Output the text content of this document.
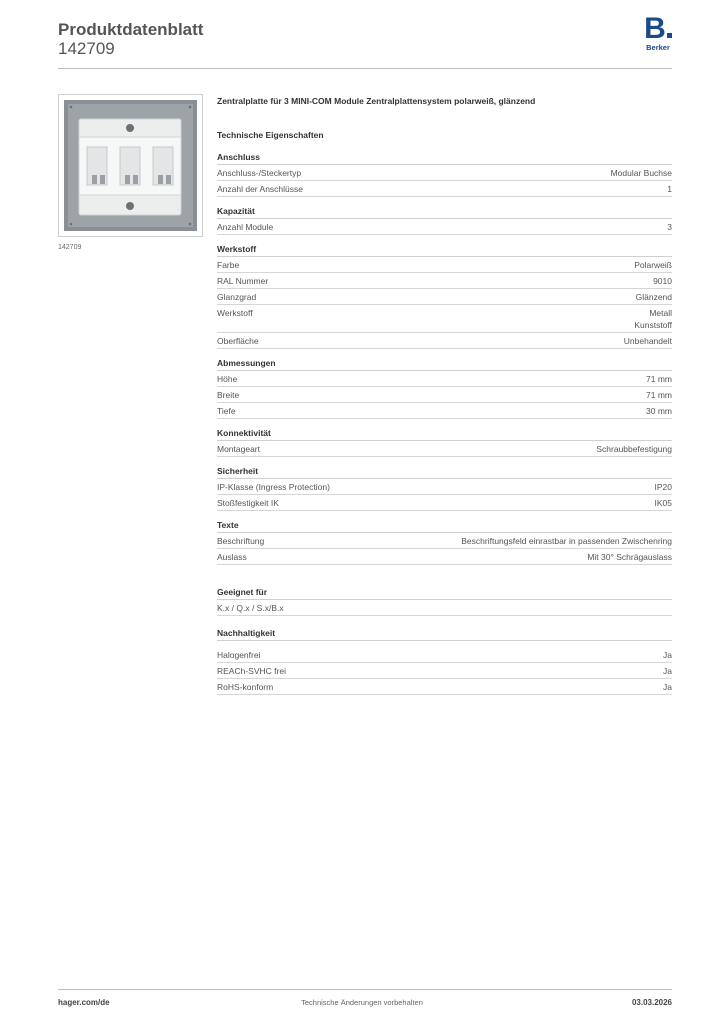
Produktdatenblatt
142709
B
Berker
142709
Zentralplatte für 3 MINI-COM Module Zentralplattensystem polarweiß, glänzend
Technische Eigenschaften
Anschluss
Anschluss-/Steckertyp	Modular Buchse
Anzahl der Anschlüsse	1
Kapazität
Anzahl Module	3
Werkstoff
Farbe	Polarweiß
RAL Nummer	9010
Glanzgrad	Glänzend
Werkstoff	Metall
Kunststoff
Oberfläche	Unbehandelt
Abmessungen
Höhe	71 mm
Breite	71 mm
Tiefe	30 mm
Konnektivität
Montageart	Schraubbefestigung
Sicherheit
IP-Klasse (Ingress Protection)	IP20
Stoßfestigkeit IK	IK05
Texte
Beschriftung	Beschriftungsfeld einrastbar in passenden Zwischenring
Auslass	Mit 30° Schrägauslass
Geeignet für
K.x / Q.x / S.x/B.x
Nachhaltigkeit
Halogenfrei	Ja
REACh-SVHC frei	Ja
RoHS-konform	Ja
hager.com/de	Technische Änderungen vorbehalten	03.03.2026
